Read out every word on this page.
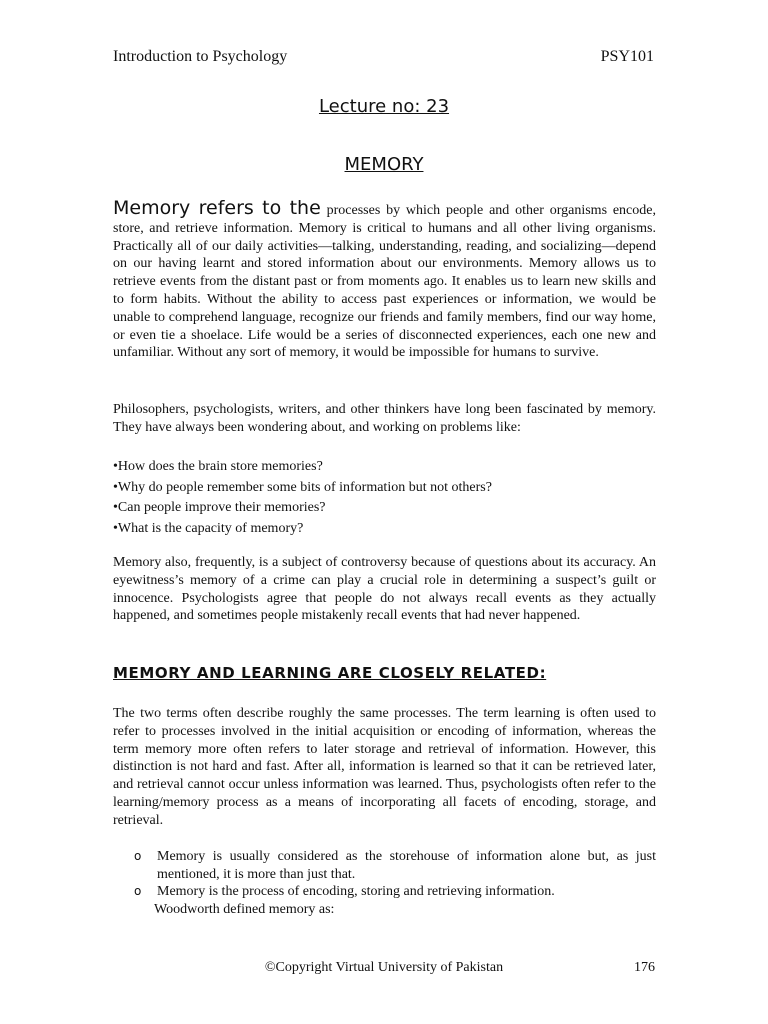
Introduction to Psychology	PSY101
Lecture no: 23
MEMORY

Memory refers to the processes by which people and other organisms encode, store, and retrieve information. Memory is critical to humans and all other living organisms. Practically all of our daily activities—talking, understanding, reading, and socializing—depend on our having learnt and stored information about our environments. Memory allows us to retrieve events from the distant past or from moments ago. It enables us to learn new skills and to form habits. Without the ability to access past experiences or information, we would be unable to comprehend language, recognize our friends and family members, find our way home, or even tie a shoelace. Life would be a series of disconnected experiences, each one new and unfamiliar. Without any sort of memory, it would be impossible for humans to survive.

Philosophers, psychologists, writers, and other thinkers have long been fascinated by memory. They have always been wondering about, and working on problems like:

•How does the brain store memories?
•Why do people remember some bits of information but not others?
•Can people improve their memories?
•What is the capacity of memory?

Memory also, frequently, is a subject of controversy because of questions about its accuracy. An eyewitness’s memory of a crime can play a crucial role in determining a suspect’s guilt or innocence. Psychologists agree that people do not always recall events as they actually happened, and sometimes people mistakenly recall events that had never happened.

MEMORY AND LEARNING ARE CLOSELY RELATED:

The two terms often describe roughly the same processes. The term learning is often used to refer to processes involved in the initial acquisition or encoding of information, whereas the term memory more often refers to later storage and retrieval of information. However, this distinction is not hard and fast. After all, information is learned so that it can be retrieved later, and retrieval cannot occur unless information was learned. Thus, psychologists often refer to the learning/memory process as a means of incorporating all facets of encoding, storage, and retrieval.

o Memory is usually considered as the storehouse of information alone but, as just mentioned, it is more than just that.
o Memory is the process of encoding, storing and retrieving information.
Woodworth defined memory as:
©Copyright Virtual University of Pakistan	176
